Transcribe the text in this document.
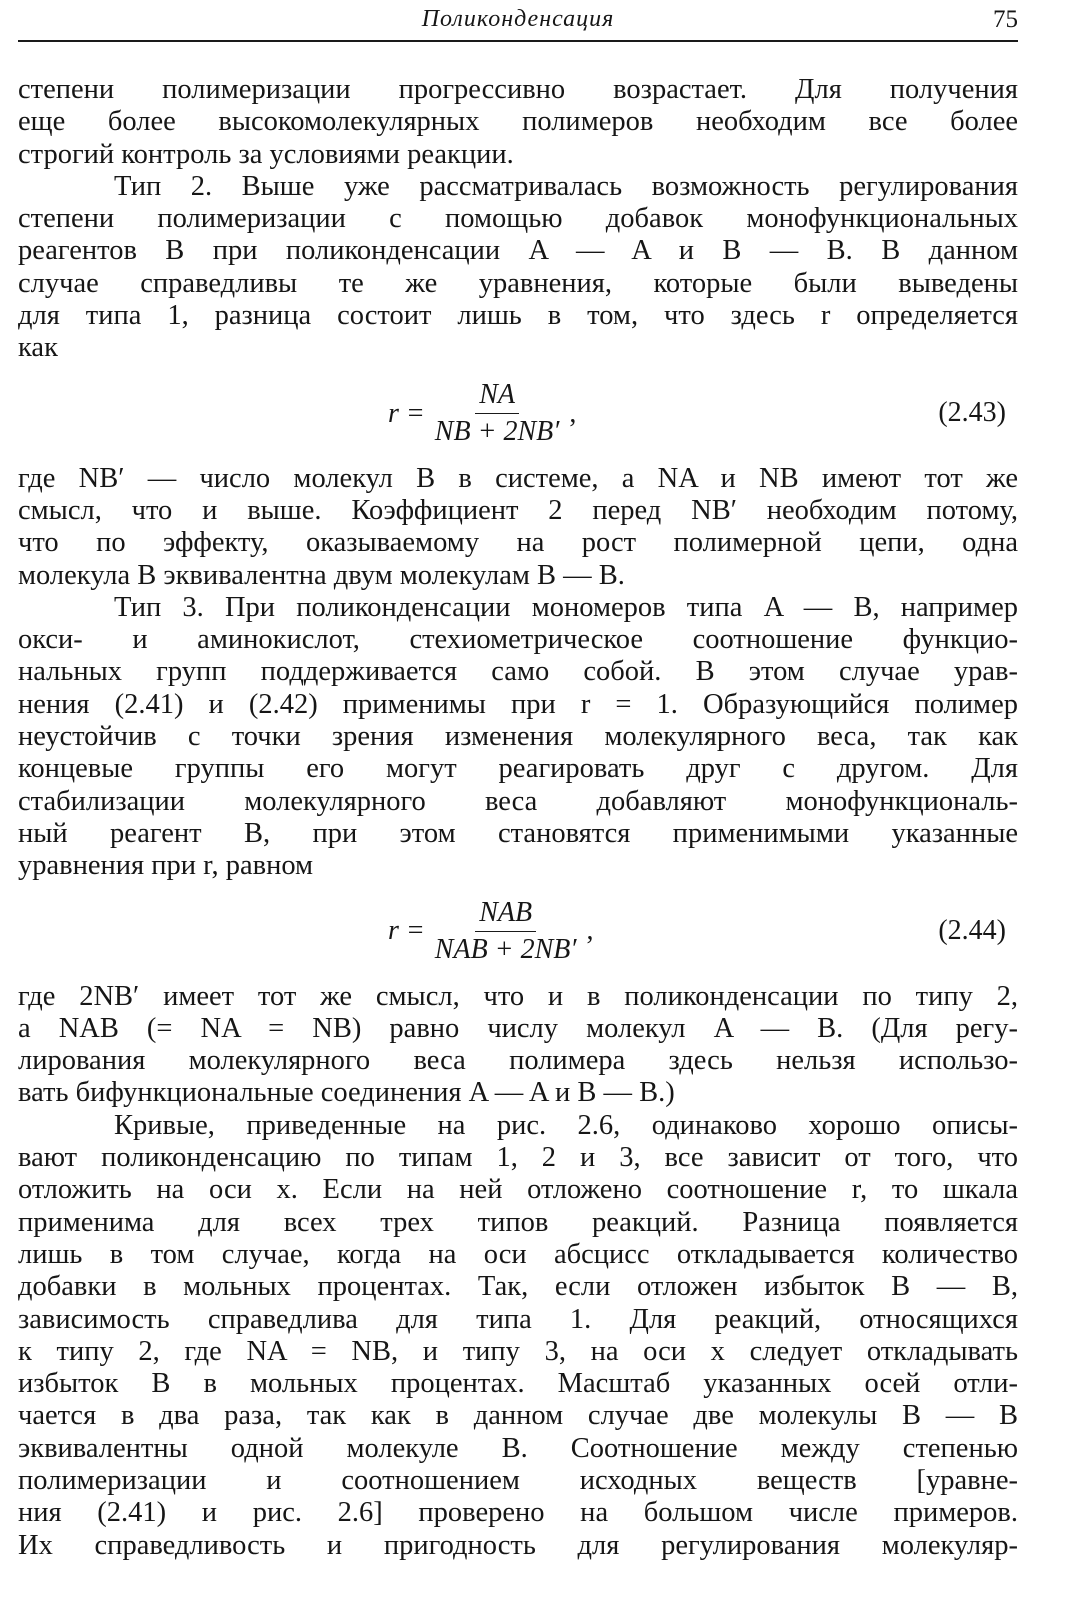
Поликонденсация	75
степени полимеризации прогрессивно возрастает. Для получения
еще более высокомолекулярных полимеров необходим все более
строгий контроль за условиями реакции.
Тип 2. Выше уже рассматривалась возможность регулирования
степени полимеризации с помощью добавок монофункциональных
реагентов B при поликонденсации A — A и B — B. В данном
случае справедливы те же уравнения, которые были выведены
для типа 1, разница состоит лишь в том, что здесь r определяется
как
$r = \frac{NA}{NB + 2NB'}$ ,	(2.43)
где NB′ — число молекул B в системе, а NA и NB имеют тот же
смысл, что и выше. Коэффициент 2 перед NB′ необходим потому,
что по эффекту, оказываемому на рост полимерной цепи, одна
молекула B эквивалентна двум молекулам B — B.
Тип 3. При поликонденсации мономеров типа A — B, например
окси- и аминокислот, стехиометрическое соотношение функцио-
нальных групп поддерживается само собой. В этом случае урав-
нения (2.41) и (2.42) применимы при r = 1. Образующийся полимер
неустойчив с точки зрения изменения молекулярного веса, так как
концевые группы его могут реагировать друг с другом. Для
стабилизации молекулярного веса добавляют монофункциональ-
ный реагент B, при этом становятся применимыми указанные
уравнения при r, равном
$r = \frac{\text{NAB}}{\text{NAB + 2NB′}}$ ,	(2.44)
где 2NB′ имеет тот же смысл, что и в поликонденсации по типу 2,
а NAB (= NA = NB) равно числу молекул A — B. (Для регу-
лирования молекулярного веса полимера здесь нельзя использо-
вать бифункциональные соединения A — A и B — B.)
Кривые, приведенные на рис. 2.6, одинаково хорошо описы-
вают поликонденсацию по типам 1, 2 и 3, все зависит от того, что
отложить на оси x. Если на ней отложено соотношение r, то шкала
применима для всех трех типов реакций. Разница появляется
лишь в том случае, когда на оси абсцисс откладывается количество
добавки в мольных процентах. Так, если отложен избыток B — B,
зависимость справедлива для типа 1. Для реакций, относящихся
к типу 2, где NA = NB, и типу 3, на оси x следует откладывать
избыток B в мольных процентах. Масштаб указанных осей отли-
чается в два раза, так как в данном случае две молекулы B — B
эквивалентны одной молекуле B. Соотношение между степенью
полимеризации и соотношением исходных веществ [уравне-
ния (2.41) и рис. 2.6] проверено на большом числе примеров.
Их справедливость и пригодность для регулирования молекуляр-
